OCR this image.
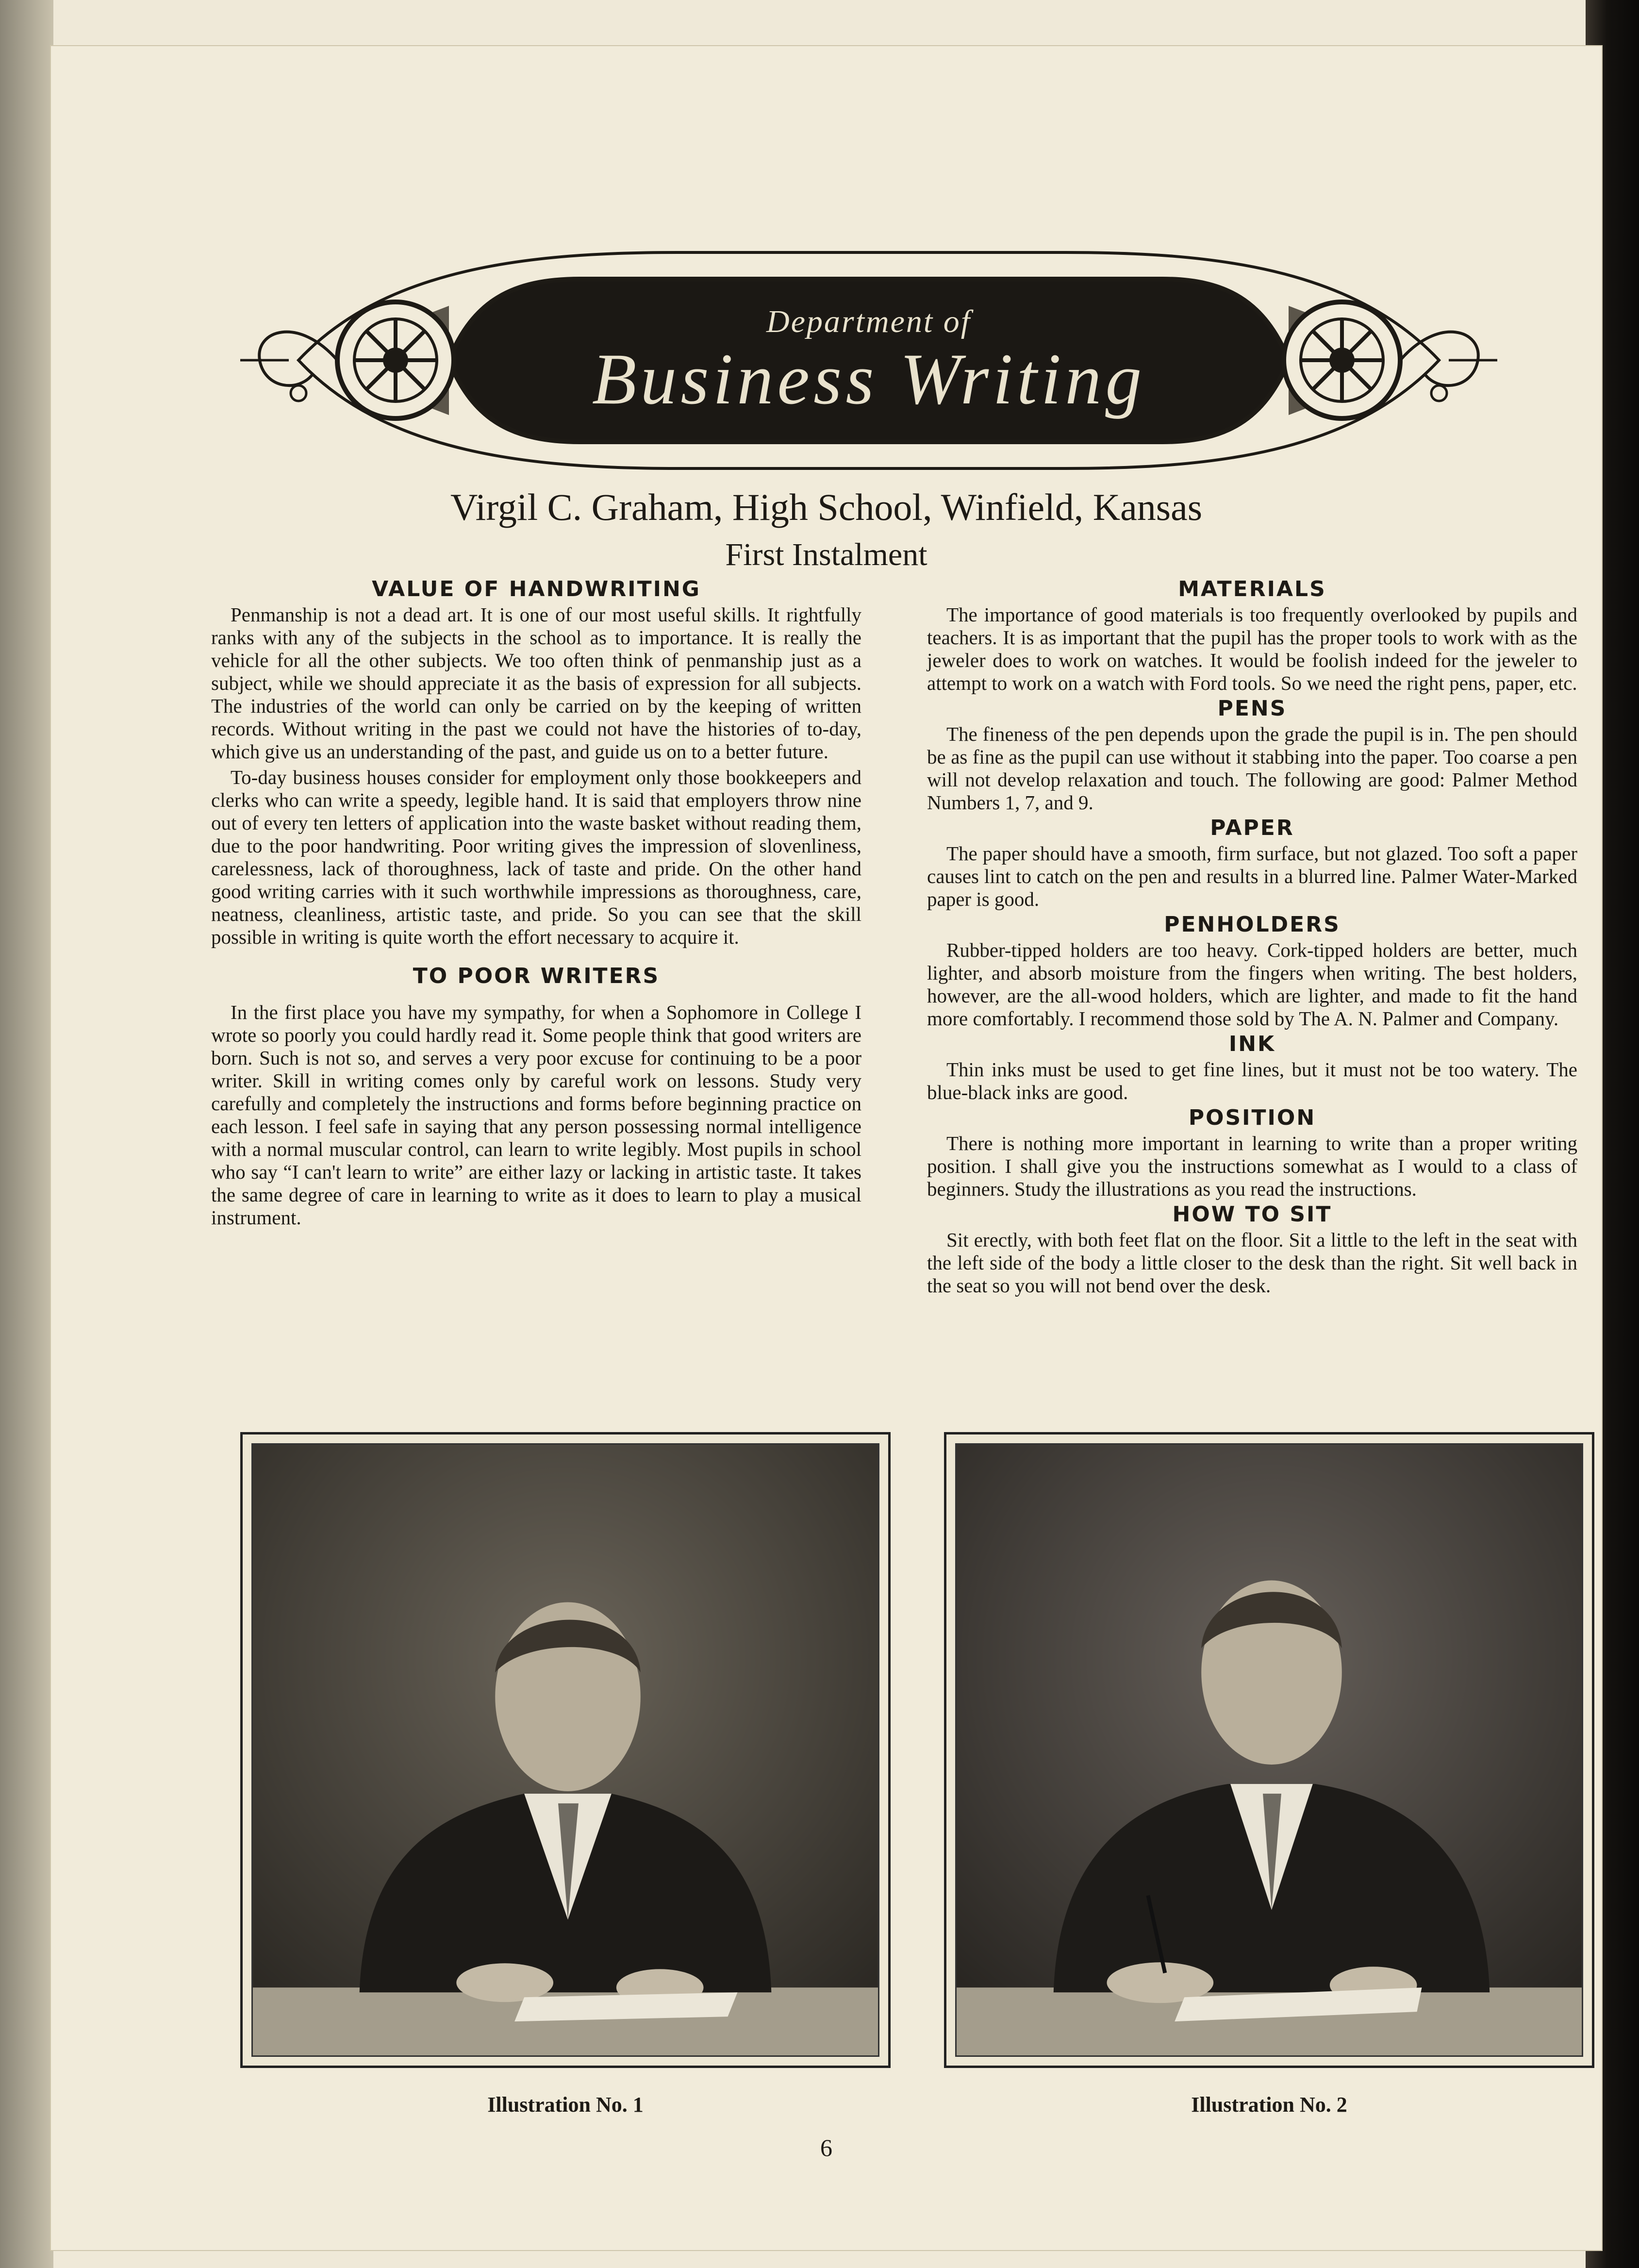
Department of
Business Writing
Virgil C. Graham, High School, Winfield, Kansas
First Instalment
VALUE OF HANDWRITING

Penmanship is not a dead art. It is one of our most useful skills. It rightfully ranks with any of the subjects in the school as to importance. It is really the vehicle for all the other subjects. We too often think of penmanship just as a subject, while we should appreciate it as the basis of expression for all subjects. The industries of the world can only be carried on by the keeping of written records. Without writing in the past we could not have the histories of to-day, which give us an understanding of the past, and guide us on to a better future.

To-day business houses consider for employment only those bookkeepers and clerks who can write a speedy, legible hand. It is said that employers throw nine out of every ten letters of application into the waste basket without reading them, due to the poor handwriting. Poor writing gives the impression of slovenliness, carelessness, lack of thoroughness, lack of taste and pride. On the other hand good writing carries with it such worthwhile impressions as thoroughness, care, neatness, cleanliness, artistic taste, and pride. So you can see that the skill possible in writing is quite worth the effort necessary to acquire it.

TO POOR WRITERS

In the first place you have my sympathy, for when a Sophomore in College I wrote so poorly you could hardly read it. Some people think that good writers are born. Such is not so, and serves a very poor excuse for continuing to be a poor writer. Skill in writing comes only by careful work on lessons. Study very carefully and completely the instructions and forms before beginning practice on each lesson. I feel safe in saying that any person possessing normal intelligence with a normal muscular control, can learn to write legibly. Most pupils in school who say “I can't learn to write” are either lazy or lacking in artistic taste. It takes the same degree of care in learning to write as it does to learn to play a musical instrument.

MATERIALS

The importance of good materials is too frequently overlooked by pupils and teachers. It is as important that the pupil has the proper tools to work with as the jeweler does to work on watches. It would be foolish indeed for the jeweler to attempt to work on a watch with Ford tools. So we need the right pens, paper, etc.

PENS

The fineness of the pen depends upon the grade the pupil is in. The pen should be as fine as the pupil can use without it stabbing into the paper. Too coarse a pen will not develop relaxation and touch. The following are good: Palmer Method Numbers 1, 7, and 9.

PAPER

The paper should have a smooth, firm surface, but not glazed. Too soft a paper causes lint to catch on the pen and results in a blurred line. Palmer Water-Marked paper is good.

PENHOLDERS

Rubber-tipped holders are too heavy. Cork-tipped holders are better, much lighter, and absorb moisture from the fingers when writing. The best holders, however, are the all-wood holders, which are lighter, and made to fit the hand more comfortably. I recommend those sold by The A. N. Palmer and Company.

INK

Thin inks must be used to get fine lines, but it must not be too watery. The blue-black inks are good.

POSITION

There is nothing more important in learning to write than a proper writing position. I shall give you the instructions somewhat as I would to a class of beginners. Study the illustrations as you read the instructions.

HOW TO SIT

Sit erectly, with both feet flat on the floor. Sit a little to the left in the seat with the left side of the body a little closer to the desk than the right. Sit well back in the seat so you will not bend over the desk.

Illustration No. 1	Illustration No. 2
6
